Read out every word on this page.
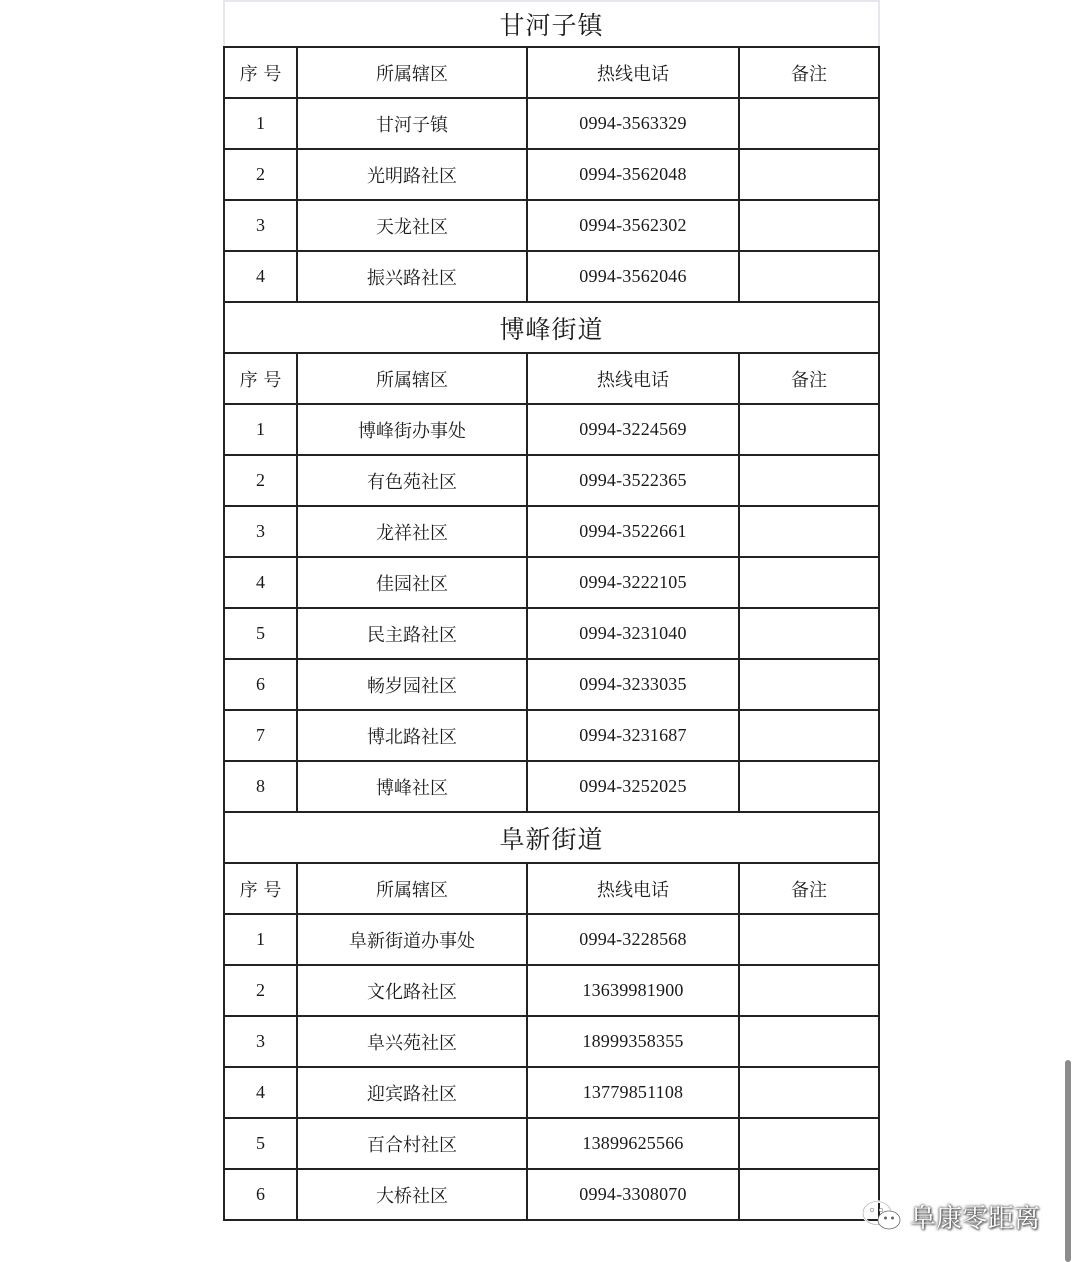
甘河子镇			
序 号	所属辖区	热线电话	备注
1	甘河子镇	0994-3563329	
2	光明路社区	0994-3562048	
3	天龙社区	0994-3562302	
4	振兴路社区	0994-3562046	
博峰街道			
序 号	所属辖区	热线电话	备注
1	博峰街办事处	0994-3224569	
2	有色苑社区	0994-3522365	
3	龙祥社区	0994-3522661	
4	佳园社区	0994-3222105	
5	民主路社区	0994-3231040	
6	畅岁园社区	0994-3233035	
7	博北路社区	0994-3231687	
8	博峰社区	0994-3252025	
阜新街道			
序 号	所属辖区	热线电话	备注
1	阜新街道办事处	0994-3228568	
2	文化路社区	13639981900	
3	阜兴苑社区	18999358355	
4	迎宾路社区	13779851108	
5	百合村社区	13899625566	
6	大桥社区	0994-3308070	
阜康零距离
